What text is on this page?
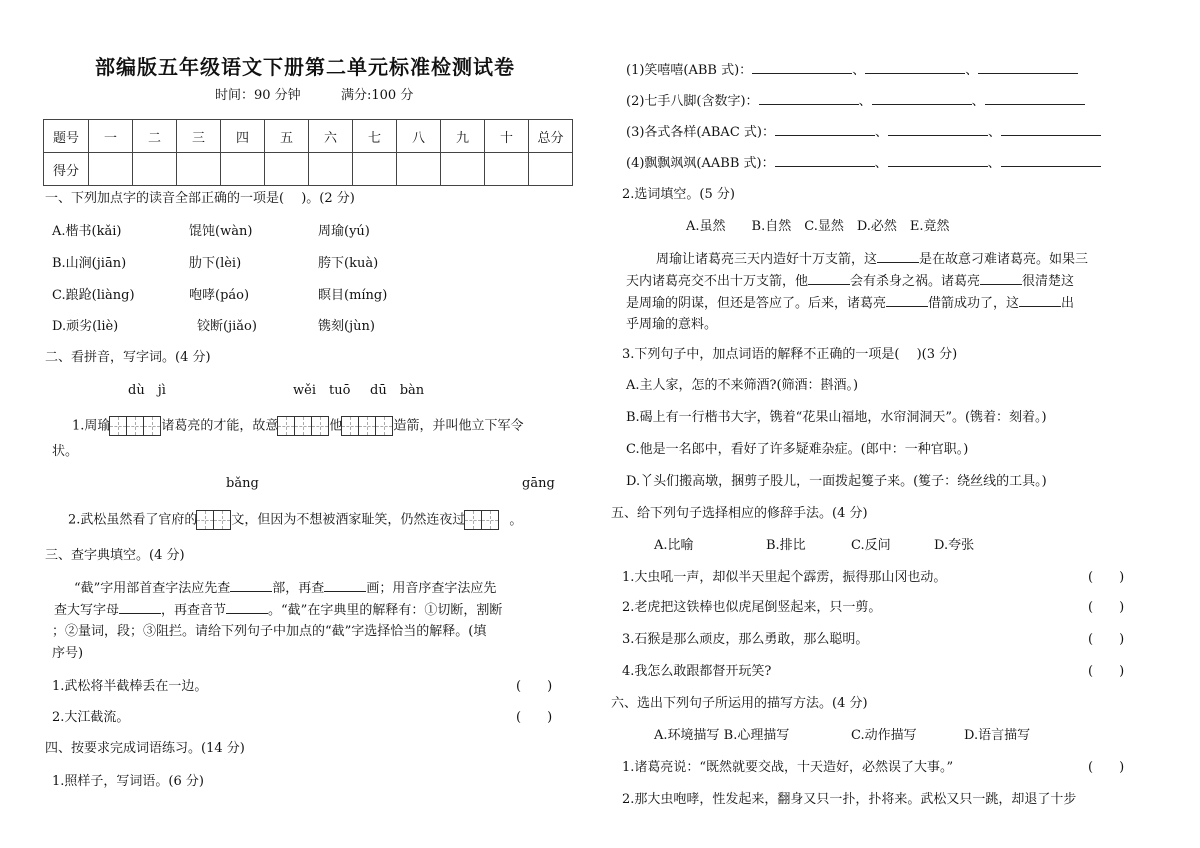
部编版五年级语文下册第二单元标准检测试卷
时间：90 分钟	满分:100 分
题号	一	二	三	四	五	六	七	八	九	十	总分
得分											
一、下列加点字的读音全部正确的一项是(　 )。(2 分)
A.楷书(kǎi)	馄饨(wàn)	周瑜(yú)
B.山涧(jiān)	肋下(lèi)	胯下(kuà)
C.踉跄(liàng)	咆哮(páo)	瞑目(míng)
D.顽劣(liè)	铰断(jiǎo)	镌刻(jùn)
二、看拼音，写字词。(4 分)
dù　jì	wěi　tuō dū　bàn
1.周瑜	诸葛亮的才能，故意	他	造箭，并叫他立下军令
状。
bǎng	gāng
2.武松虽然看了官府的	文，但因为不想被酒家耻笑，仍然连夜过	。
三、查字典填空。(4 分)
“截”字用部首查字法应先查	部，再查	画；用音序查字法应先
查大写字母	，再查音节	。“截”在字典里的解释有：①切断，割断
；②量词，段；③阻拦。请给下列句子中加点的“截”字选择恰当的解释。(填
序号)
1.武松将半截棒丢在一边。	(　　)
2.大江截流。	(　　)
四、按要求完成词语练习。(14 分)
1.照样子，写词语。(6 分)
(1)笑嘻嘻(ABB 式)：	、	、
(2)七手八脚(含数字)：	、	、
(3)各式各样(ABAC 式)：	、	、
(4)飘飘飒飒(AABB 式)：	、	、
2.选词填空。(5 分)
A.虽然　　B.自然　C.显然　D.必然　E.竟然
周瑜让诸葛亮三天内造好十万支箭，这	是在故意刁难诸葛亮。如果三
天内诸葛亮交不出十万支箭，他	会有杀身之祸。诸葛亮	很清楚这
是周瑜的阴谋，但还是答应了。后来，诸葛亮	借箭成功了，这	出
乎周瑜的意料。
3.下列句子中，加点词语的解释不正确的一项是(　 )(3 分)
A.主人家，怎的不来筛酒?(筛酒：斟酒。)
B.碣上有一行楷书大字，镌着“花果山福地，水帘洞洞天”。(镌着：刻着。)
C.他是一名郎中，看好了许多疑难杂症。(郎中：一种官职。)
D.丫头们搬高墩，捆剪子股儿，一面拨起篗子来。(篗子：绕丝线的工具。)
五、给下列句子选择相应的修辞手法。(4 分)
A.比喻	B.排比	C.反问	D.夸张
1.大虫吼一声，却似半天里起个霹雳，振得那山冈也动。	(　　)
2.老虎把这铁棒也似虎尾倒竖起来，只一剪。	(　　)
3.石猴是那么顽皮，那么勇敢，那么聪明。	(　　)
4.我怎么敢跟都督开玩笑?	(　　)
六、选出下列句子所运用的描写方法。(4 分)
A.环境描写 B.心理描写	C.动作描写	D.语言描写
1.诸葛亮说：“既然就要交战，十天造好，必然误了大事。”	(　　)
2.那大虫咆哮，性发起来，翻身又只一扑，扑将来。武松又只一跳，却退了十步
